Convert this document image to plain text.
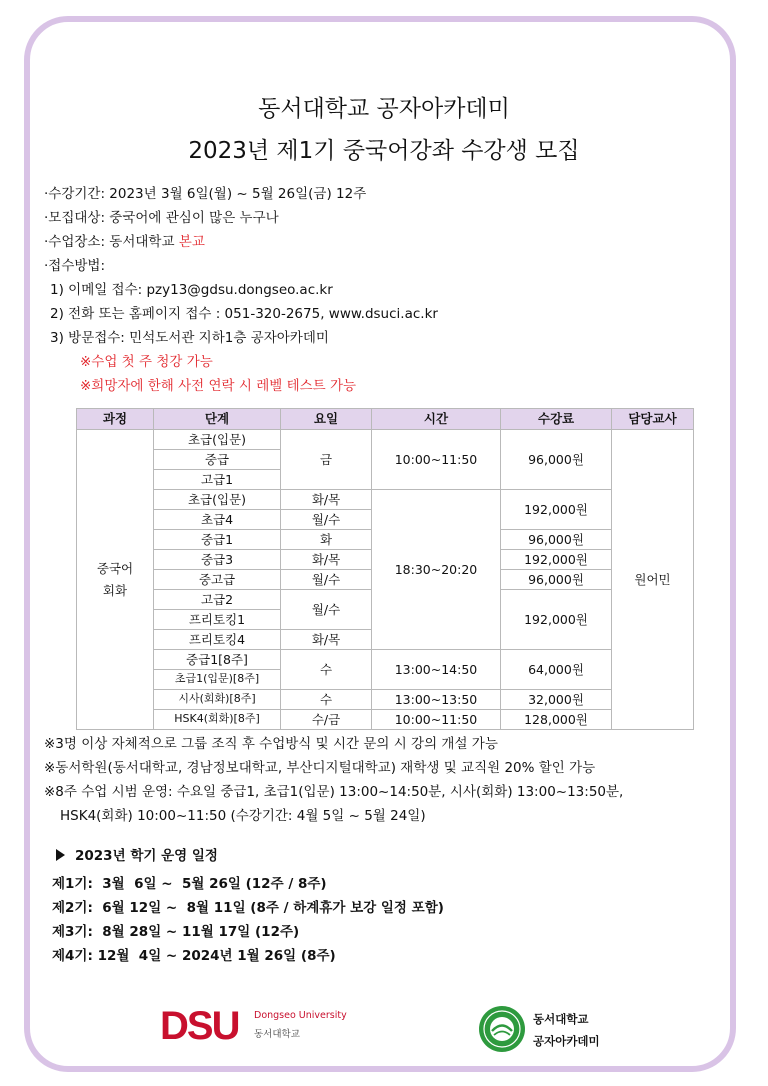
동서대학교 공자아카데미
2023년 제1기 중국어강좌 수강생 모집
·수강기간: 2023년 3월 6일(월) ~ 5월 26일(금) 12주
·모집대상: 중국어에 관심이 많은 누구나
·수업장소: 동서대학교 본교
·접수방법:
1) 이메일 접수: pzy13@gdsu.dongseo.ac.kr
2) 전화 또는 홈페이지 접수 : 051-320-2675, www.dsuci.ac.kr
3) 방문접수: 민석도서관 지하1층 공자아카데미
※수업 첫 주 청강 가능
※희망자에 한해 사전 연락 시 레벨 테스트 가능
과정	단계	요일	시간	수강료	담당교사
중국어
회화	초급(입문)	금	10:00~11:50	96,000원	원어민
	중급				
	고급1				
	초급(입문)	화/목	18:30~20:20	192,000원	
	초급4	월/수			
	중급1	화		96,000원	
	중급3	화/목		192,000원	
	중고급	월/수		96,000원	
	고급2	월/수		192,000원	
	프리토킹1				
	프리토킹4	화/목			
	중급1[8주]	수	13:00~14:50	64,000원	
	초급1(입문)[8주]				
	시사(회화)[8주]	수	13:00~13:50	32,000원	
	HSK4(회화)[8주]	수/금	10:00~11:50	128,000원	
※3명 이상 자체적으로 그룹 조직 후 수업방식 및 시간 문의 시 강의 개설 가능
※동서학원(동서대학교, 경남정보대학교, 부산디지털대학교) 재학생 및 교직원 20% 할인 가능
※8주 수업 시범 운영: 수요일 중급1, 초급1(입문) 13:00~14:50분, 시사(회화) 13:00~13:50분,
HSK4(회화) 10:00~11:50 (수강기간: 4월 5일 ~ 5월 24일)
2023년 학기 운영 일정
제1기:  3월  6일 ~  5월 26일 (12주 / 8주)
제2기:  6월 12일 ~  8월 11일 (8주 / 하계휴가 보강 일정 포함)
제3기:  8월 28일 ~ 11월 17일 (12주)
제4기: 12월  4일 ~ 2024년 1월 26일 (8주)
DSU Dongseo University
동서대학교
동서대학교
공자아카데미
